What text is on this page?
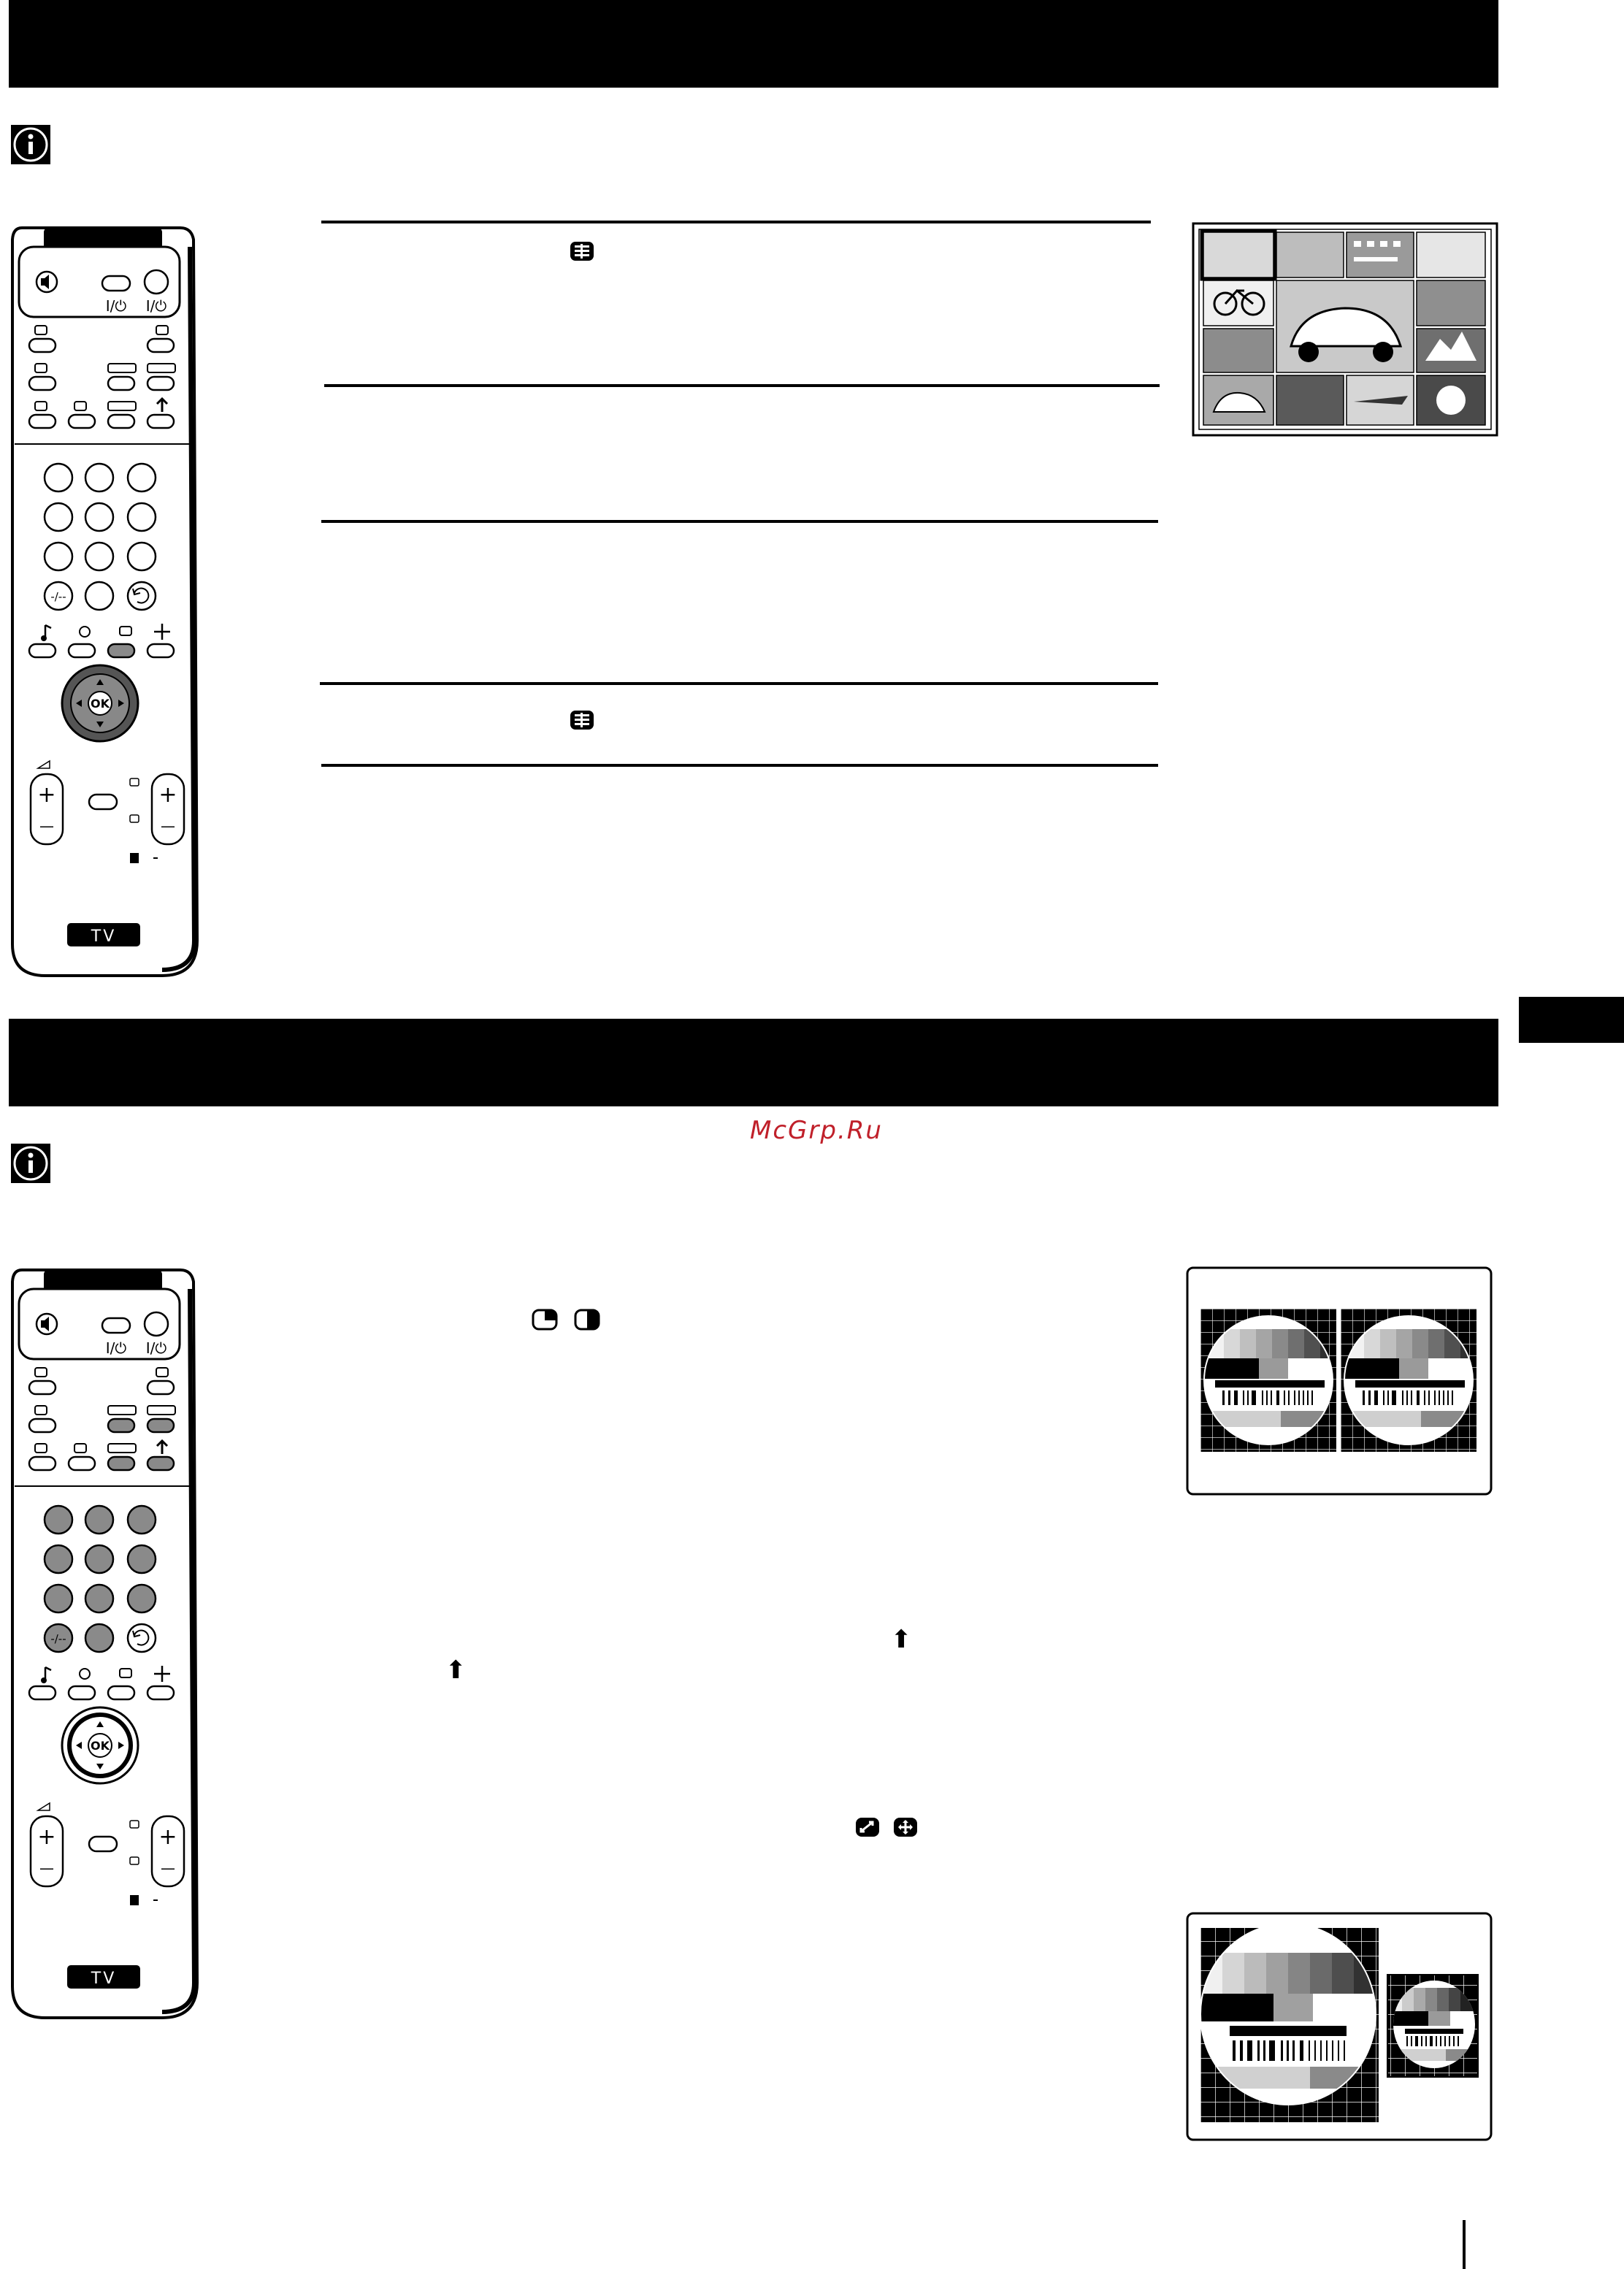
McGrp.Ru
⬆
⬆
I/⏻ I/⏻
-/--
OK
+
—
+
—
TV
I/⏻ I/⏻
-/--
OK
+
—
+
—
TV
